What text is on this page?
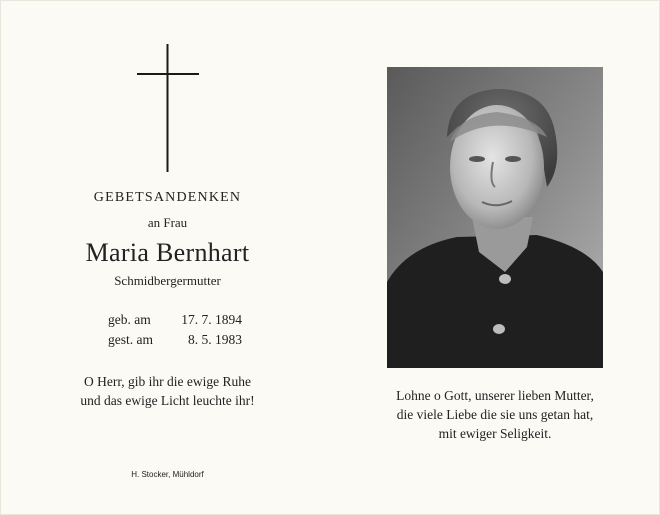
GEBETSANDENKEN
an Frau
Maria Bernhart
Schmidbergermutter
geb. am	17. 7. 1894
gest. am	8. 5. 1983
O Herr, gib ihr die ewige Ruhe
und das ewige Licht leuchte ihr!
H. Stocker, Mühldorf
Lohne o Gott, unserer lieben Mutter,
die viele Liebe die sie uns getan hat,
mit ewiger Seligkeit.
